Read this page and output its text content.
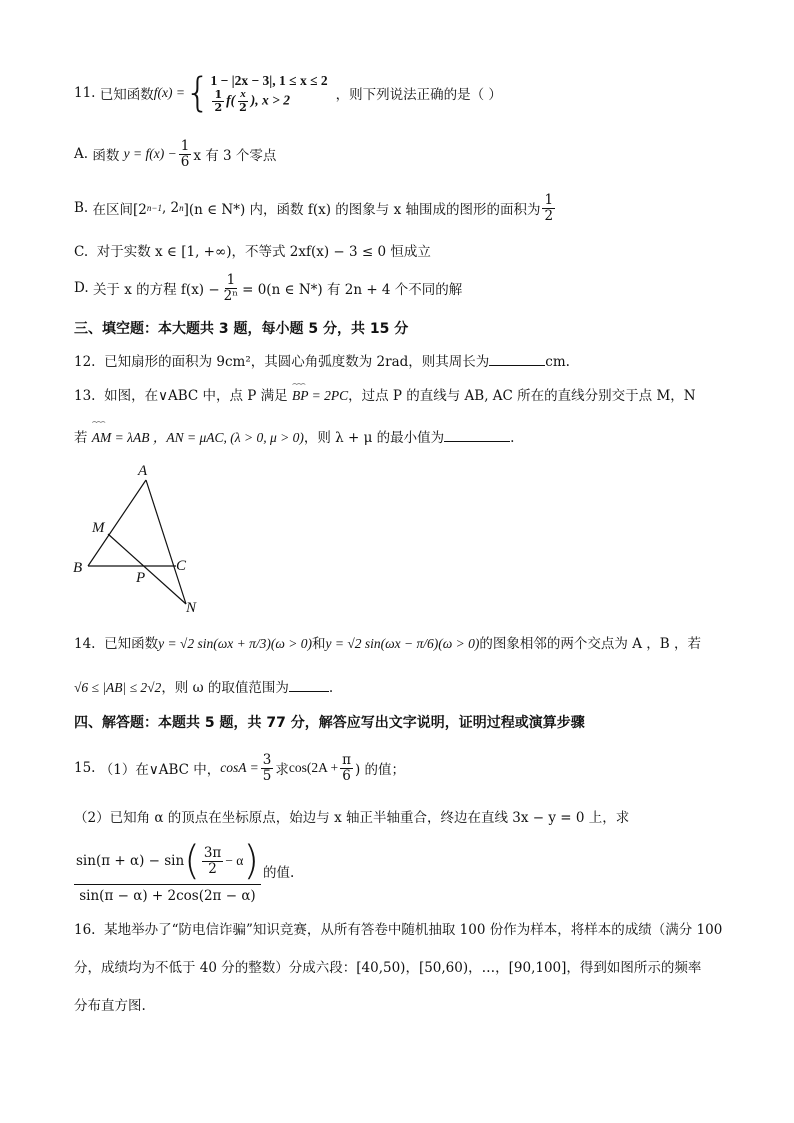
11.
已知函数 f(x) = { 1 − |2x − 3|, 1 ≤ x ≤ 2
$\frac{1}{2} f( \frac{x}{2}$ ), x > 2	，则下列说法正确的是（ ）
A.
函数
$y = f(x) - \frac{1}{6}$ x 有 3 个零点
B.
在区间[2 n−1 , 2 n ](n ∈ N*) 内，函数 f(x) 的图象与 x 轴围成的图形的面积为 $\frac{1}{2}$
C. 对于实数 x ∈ [1, +∞)，不等式 2xf(x) − 3 ≤ 0 恒成立
D.
关于 x 的方程 $f(x) - \frac{1}{\text{2ⁿ}} = 0(n$ ∈ N*) 有 2n + 4 个不同的解
三、填空题：本大题共 3 题，每小题 5 分，共 15 分
12. 已知扇形的面积为 9cm²，其圆心角弧度数为 2rad，则其周长为	cm.
13. 如图，在∨ABC 中，点 P 满足 ⌢⌢⌢ BP = 2PC，过点 P 的直线与 AB, AC 所在的直线分别交于点 M，N
若 ⌢⌢⌢ AM = λAB ，AN = μAC, (λ > 0, μ > 0)，则 λ + μ 的最小值为	.
A
M
B
P
C
N
14. 已知函数y = √2 sin(ωx + π/3)(ω > 0)和y = √2 sin(ωx − π/6)(ω > 0)的图象相邻的两个交点为 A ，B ，若
√6 ≤ |AB| ≤ 2√2，则 ω 的取值范围为	.
四、解答题：本题共 5 题，共 77 分，解答应写出文字说明，证明过程或演算步骤
15.
（1）在∨ABC 中， $\cos A = \frac{3}{5}$ 求 $\cos(2A + \frac{\pi}{6}$ ) 的值；
（2）已知角 α 的顶点在坐标原点，始边与 x 轴正半轴重合，终边在直线 3x − y = 0 上，求
sin(π + α) − sin ( $\frac{3\pi}{2} - \alpha$ )
sin(π − α) + 2cos(2π − α)
的值.
16. 某地举办了“防电信诈骗”知识竞赛，从所有答卷中随机抽取 100 份作为样本，将样本的成绩（满分 100
分，成绩均为不低于 40 分的整数）分成六段：[40,50)，[50,60)，…，[90,100]，得到如图所示的频率
分布直方图.
